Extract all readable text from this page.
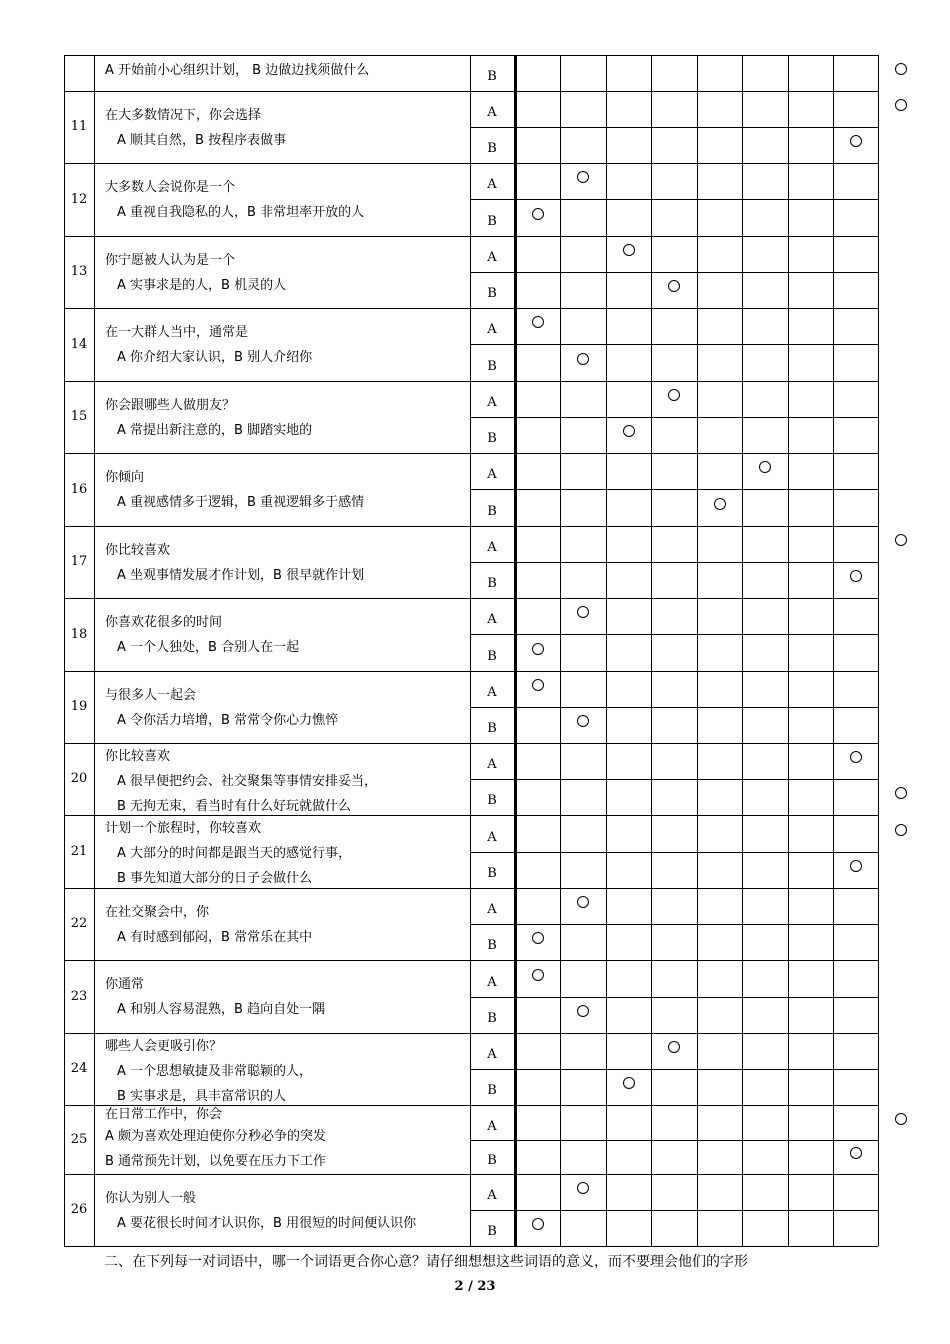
A 开始前小心组织计划， B 边做边找须做什么	B
11
在大多数情况下，你会选择
A 顺其自然，B 按程序表做事
A
B
12
大多数人会说你是一个
A 重视自我隐私的人，B 非常坦率开放的人
A
B
13
你宁愿被人认为是一个
A 实事求是的人，B 机灵的人
A
B
14
在一大群人当中，通常是
A 你介绍大家认识，B 别人介绍你
A
B
15
你会跟哪些人做朋友？
A 常提出新注意的，B 脚踏实地的
A
B
16
你倾向
A 重视感情多于逻辑，B 重视逻辑多于感情
A
B
17
你比较喜欢
A 坐观事情发展才作计划，B 很早就作计划
A
B
18
你喜欢花很多的时间
A 一个人独处，B 合别人在一起
A
B
19
与很多人一起会
A 令你活力培增，B 常常令你心力憔悴
A
B
20
你比较喜欢
A 很早便把约会、社交聚集等事情安排妥当，
B 无拘无束，看当时有什么好玩就做什么
A
B
21
计划一个旅程时，你较喜欢
A 大部分的时间都是跟当天的感觉行事，
B 事先知道大部分的日子会做什么
A
B
22
在社交聚会中，你
A 有时感到郁闷，B 常常乐在其中
A
B
23
你通常
A 和别人容易混熟，B 趋向自处一隅
A
B
24
哪些人会更吸引你？
A 一个思想敏捷及非常聪颖的人，
B 实事求是，具丰富常识的人
A
B
25
在日常工作中，你会
A 颇为喜欢处理迫使你分秒必争的突发
B 通常预先计划，以免要在压力下工作
A
B
26
你认为别人一般
A 要花很长时间才认识你，B 用很短的时间便认识你
A
B
二、在下列每一对词语中，哪一个词语更合你心意？请仔细想想这些词语的意义，而不要理会他们的字形
2 / 23
